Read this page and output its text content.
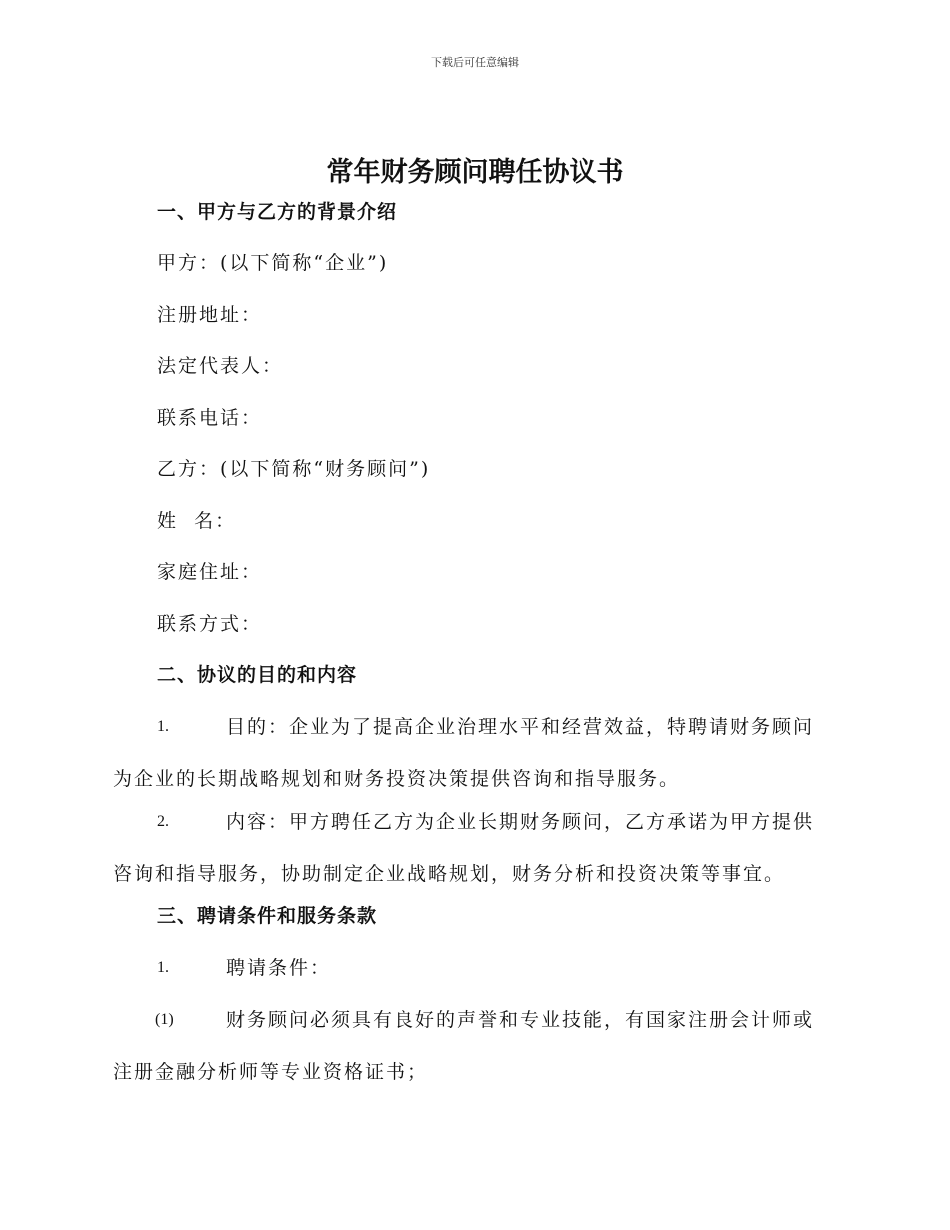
下载后可任意编辑
常年财务顾问聘任协议书
一、甲方与乙方的背景介绍
甲方：(以下简称“企业”)
注册地址：
法定代表人：
联系电话：
乙方：(以下简称“财务顾问”)
姓  名：
家庭住址：
联系方式：
二、协议的目的和内容
1.	目的：企业为了提高企业治理水平和经营效益，特聘请财务顾问为企业的长期战略规划和财务投资决策提供咨询和指导服务。
2.	内容：甲方聘任乙方为企业长期财务顾问，乙方承诺为甲方提供咨询和指导服务，协助制定企业战略规划，财务分析和投资决策等事宜。
三、聘请条件和服务条款
1.	聘请条件：
(1)	财务顾问必须具有良好的声誉和专业技能，有国家注册会计师或注册金融分析师等专业资格证书；
